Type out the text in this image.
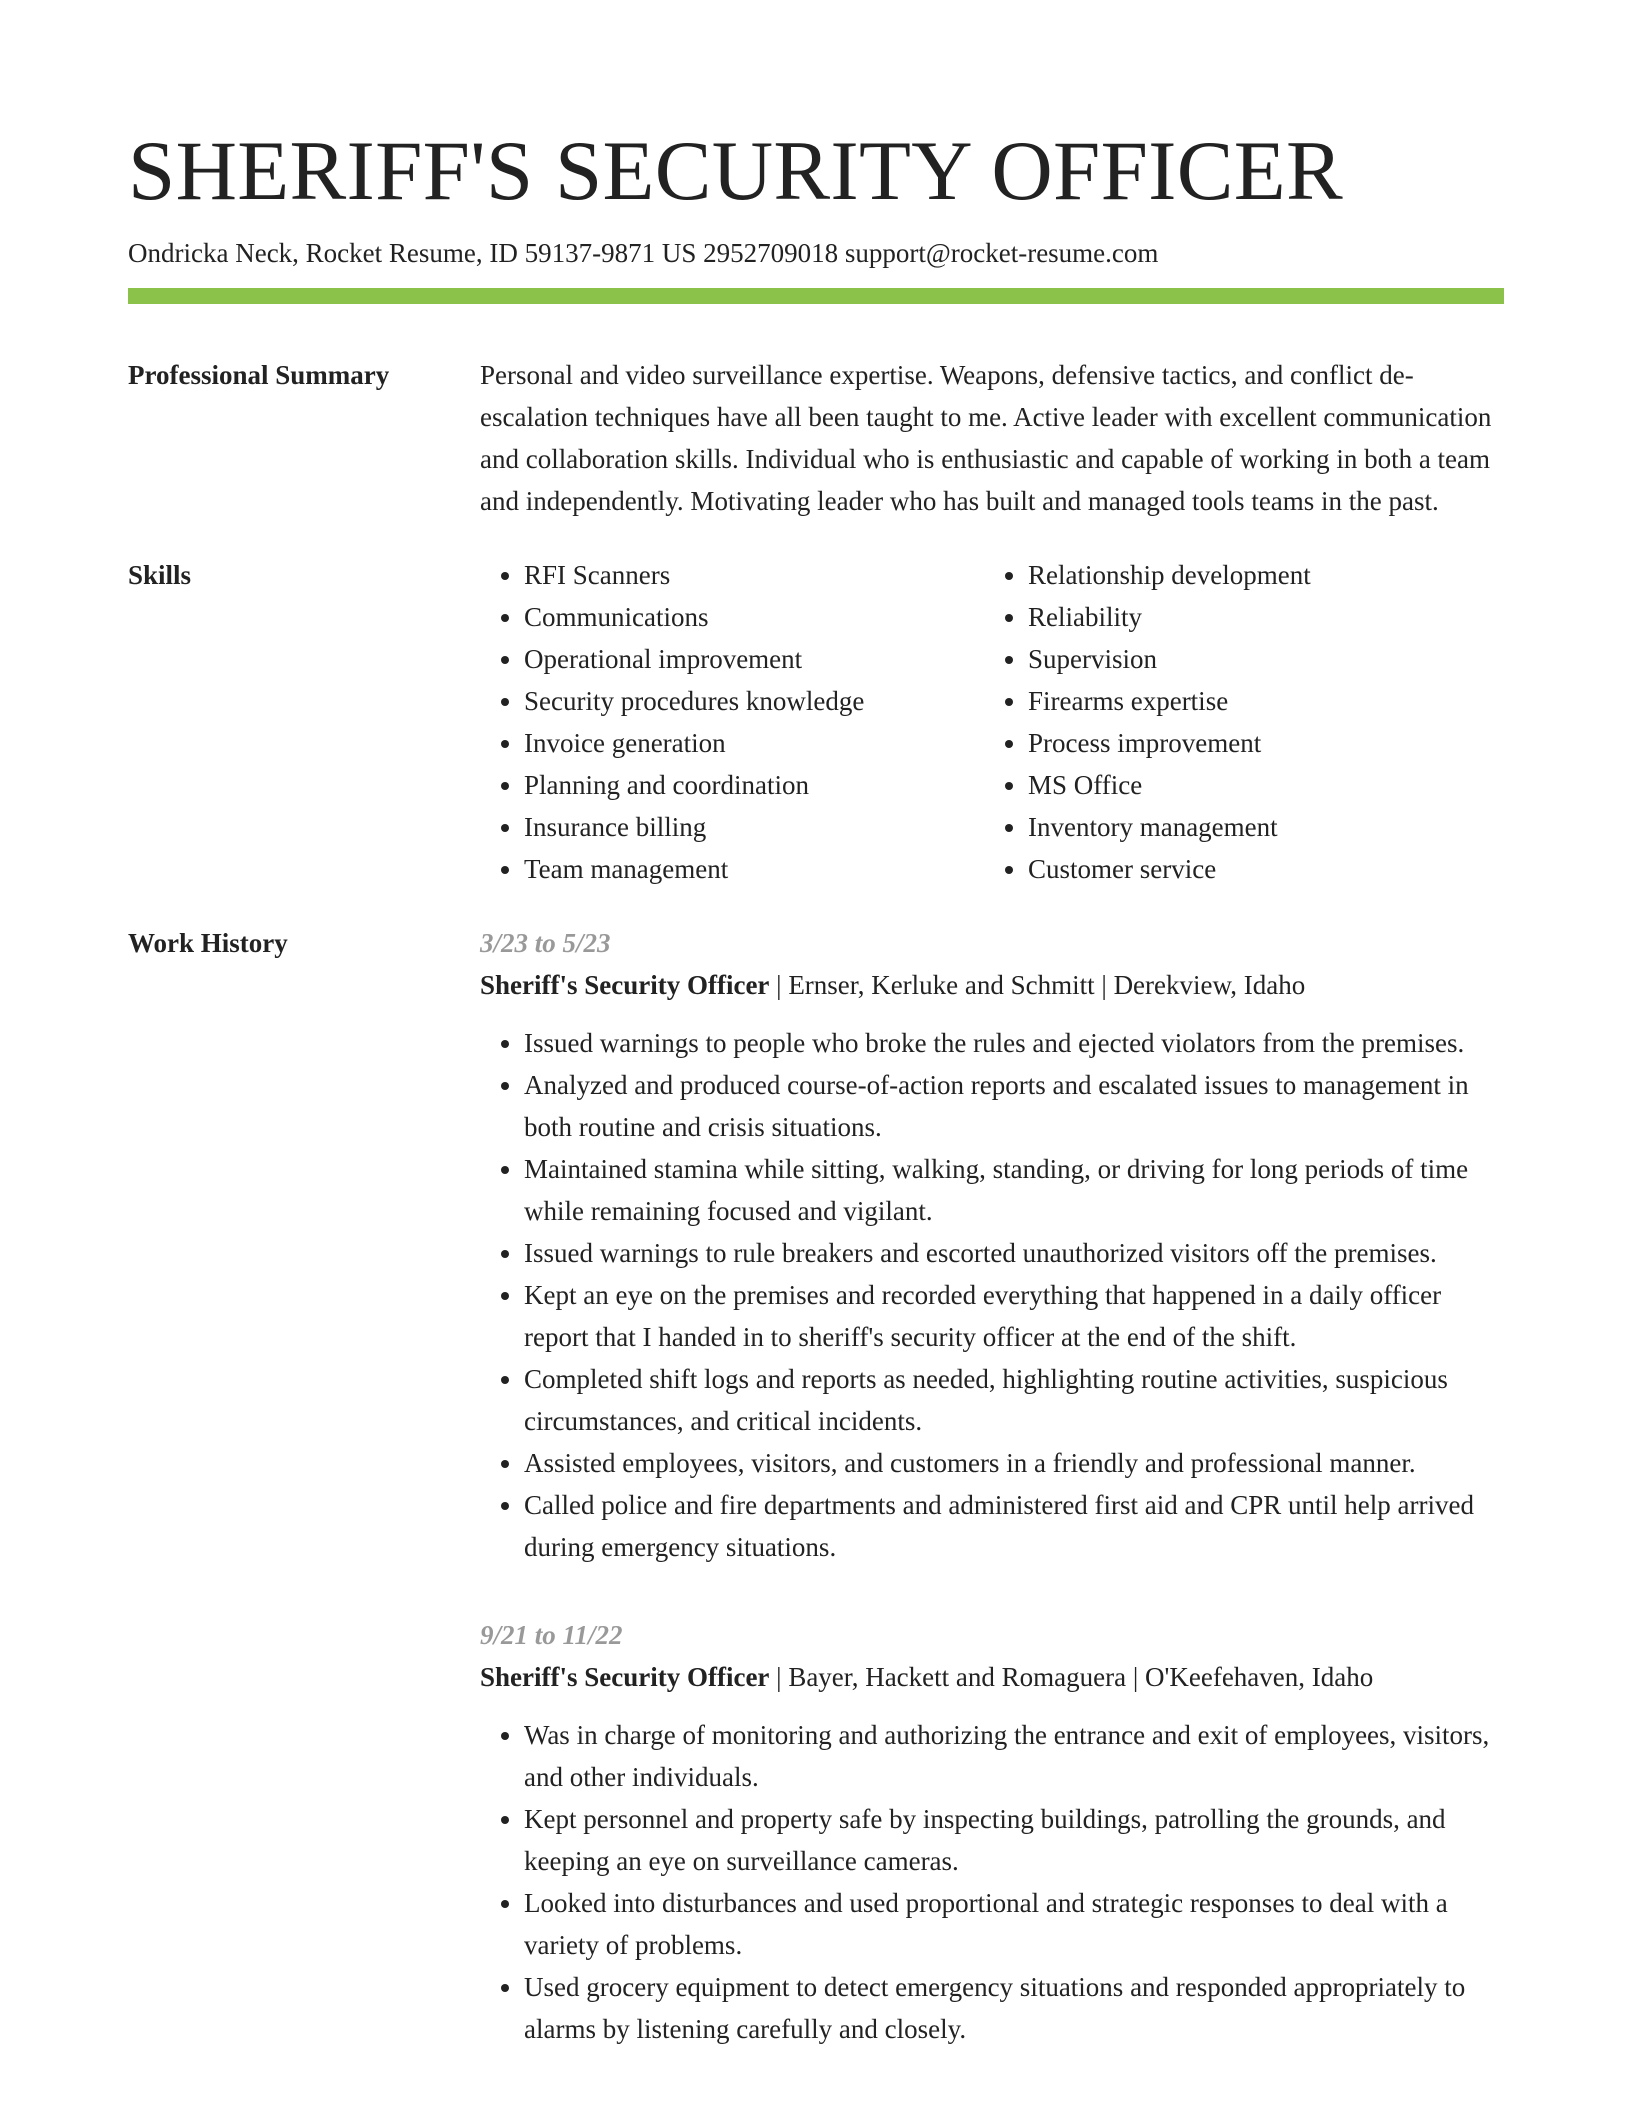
SHERIFF'S SECURITY OFFICER
Ondricka Neck, Rocket Resume, ID 59137-9871 US 2952709018 support@rocket-resume.com
Professional Summary	Personal and video surveillance expertise. Weapons, defensive tactics, and conflict de-escalation techniques have all been taught to me. Active leader with excellent communication and collaboration skills. Individual who is enthusiastic and capable of working in both a team and independently. Motivating leader who has built and managed tools teams in the past.
Skills
•	RFI Scanners
• Communications
• Operational improvement
• Security procedures knowledge
• Invoice generation
• Planning and coordination
• Insurance billing
• Team management
• Relationship development
• Reliability
• Supervision
• Firearms expertise
• Process improvement
• MS Office
• Inventory management
• Customer service
Work History	3/23 to 5/23
Sheriff's Security Officer | Ernser, Kerluke and Schmitt | Derekview, Idaho
• Issued warnings to people who broke the rules and ejected violators from the premises.
• Analyzed and produced course-of-action reports and escalated issues to management in both routine and crisis situations.
• Maintained stamina while sitting, walking, standing, or driving for long periods of time while remaining focused and vigilant.
• Issued warnings to rule breakers and escorted unauthorized visitors off the premises.
• Kept an eye on the premises and recorded everything that happened in a daily officer report that I handed in to sheriff's security officer at the end of the shift.
• Completed shift logs and reports as needed, highlighting routine activities, suspicious circumstances, and critical incidents.
• Assisted employees, visitors, and customers in a friendly and professional manner.
• Called police and fire departments and administered first aid and CPR until help arrived during emergency situations.
9/21 to 11/22
Sheriff's Security Officer | Bayer, Hackett and Romaguera | O'Keefehaven, Idaho
• Was in charge of monitoring and authorizing the entrance and exit of employees, visitors, and other individuals.
• Kept personnel and property safe by inspecting buildings, patrolling the grounds, and keeping an eye on surveillance cameras.
• Looked into disturbances and used proportional and strategic responses to deal with a variety of problems.
• Used grocery equipment to detect emergency situations and responded appropriately to alarms by listening carefully and closely.
